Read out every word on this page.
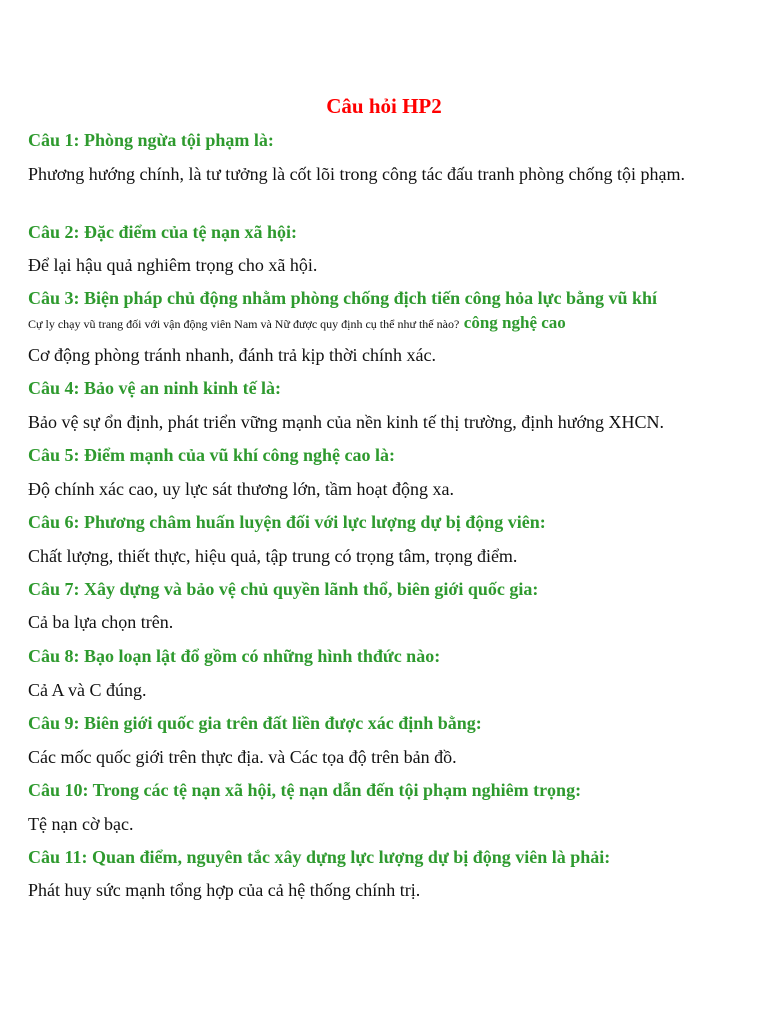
Câu hỏi HP2

Câu 1: Phòng ngừa tội phạm là:

Phương hướng chính, là tư tưởng là cốt lõi trong công tác đấu tranh phòng chống tội phạm.

Câu 2: Đặc điểm của tệ nạn xã hội:

Để lại hậu quả nghiêm trọng cho xã hội.

Câu 3: Biện pháp chủ động nhằm phòng chống địch tiến công hỏa lực bằng vũ khí

Cự ly chạy vũ trang đối với vận động viên Nam và Nữ được quy định cụ thể như thế nào? công nghệ cao

Cơ động phòng tránh nhanh, đánh trả kịp thời chính xác.

Câu 4: Bảo vệ an ninh kinh tế là:

Bảo vệ sự ổn định, phát triển vững mạnh của nền kinh tế thị trường, định hướng XHCN.

Câu 5: Điểm mạnh của vũ khí công nghệ cao là:

Độ chính xác cao, uy lực sát thương lớn, tầm hoạt động xa.

Câu 6: Phương châm huấn luyện đối với lực lượng dự bị động viên:

Chất lượng, thiết thực, hiệu quả, tập trung có trọng tâm, trọng điểm.

Câu 7: Xây dựng và bảo vệ chủ quyền lãnh thổ, biên giới quốc gia:

Cả ba lựa chọn trên.

Câu 8: Bạo loạn lật đổ gồm có những hình thđức nào:

Cả A và C đúng.

Câu 9: Biên giới quốc gia trên đất liền được xác định bằng:

Các mốc quốc giới trên thực địa. và Các tọa độ trên bản đồ.

Câu 10: Trong các tệ nạn xã hội, tệ nạn dẫn đến tội phạm nghiêm trọng:

Tệ nạn cờ bạc.

Câu 11: Quan điểm, nguyên tắc xây dựng lực lượng dự bị động viên là phải:

Phát huy sức mạnh tổng hợp của cả hệ thống chính trị.
